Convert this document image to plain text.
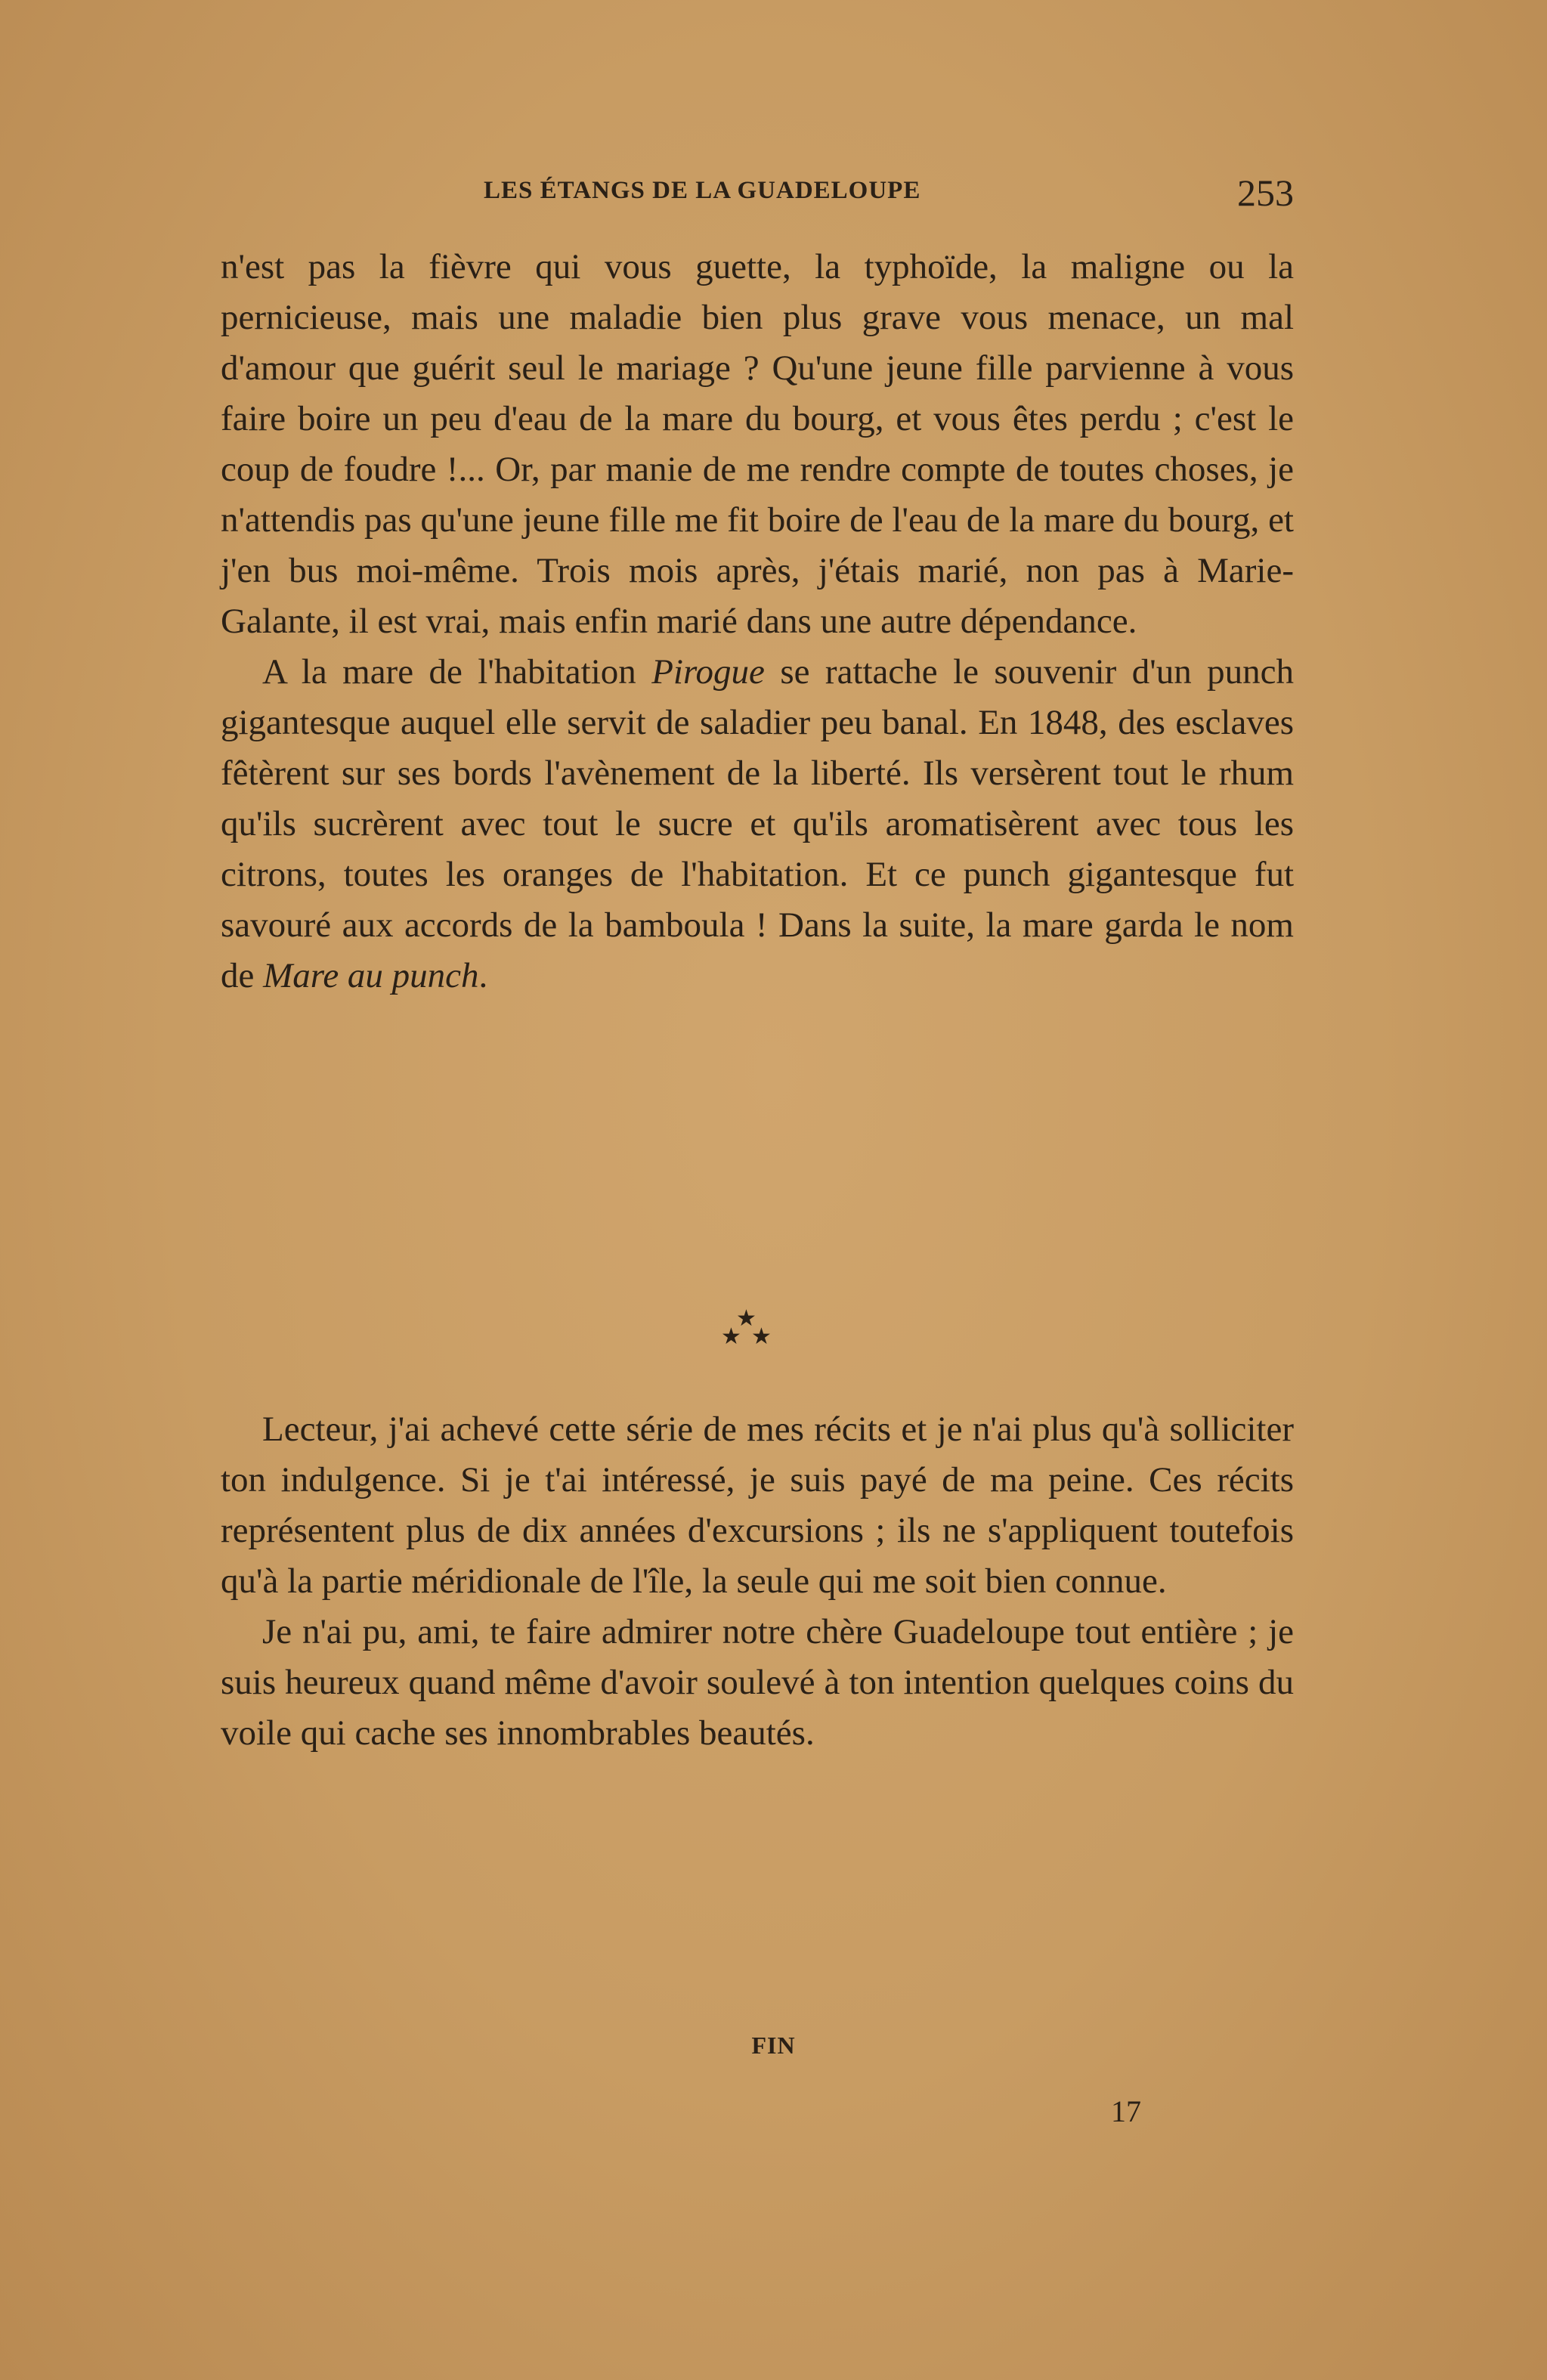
LES ÉTANGS DE LA GUADELOUPE	253

n'est pas la fièvre qui vous guette, la typhoïde, la maligne ou la pernicieuse, mais une maladie bien plus grave vous menace, un mal d'amour que guérit seul le mariage ? Qu'une jeune fille parvienne à vous faire boire un peu d'eau de la mare du bourg, et vous êtes perdu ; c'est le coup de foudre !... Or, par manie de me rendre compte de toutes choses, je n'attendis pas qu'une jeune fille me fit boire de l'eau de la mare du bourg, et j'en bus moi-même. Trois mois après, j'étais marié, non pas à Marie-Galante, il est vrai, mais enfin marié dans une autre dépendance.

A la mare de l'habitation Pirogue se rattache le souvenir d'un punch gigantesque auquel elle servit de saladier peu banal. En 1848, des esclaves fêtèrent sur ses bords l'avènement de la liberté. Ils versèrent tout le rhum qu'ils sucrèrent avec tout le sucre et qu'ils aromatisèrent avec tous les citrons, toutes les oranges de l'habitation. Et ce punch gigantesque fut savouré aux accords de la bamboula ! Dans la suite, la mare garda le nom de Mare au punch.

★
★ ★

Lecteur, j'ai achevé cette série de mes récits et je n'ai plus qu'à solliciter ton indulgence. Si je t'ai intéressé, je suis payé de ma peine. Ces récits représentent plus de dix années d'excursions ; ils ne s'appliquent toutefois qu'à la partie méridionale de l'île, la seule qui me soit bien connue.

Je n'ai pu, ami, te faire admirer notre chère Guadeloupe tout entière ; je suis heureux quand même d'avoir soulevé à ton intention quelques coins du voile qui cache ses innombrables beautés.

FIN
17
